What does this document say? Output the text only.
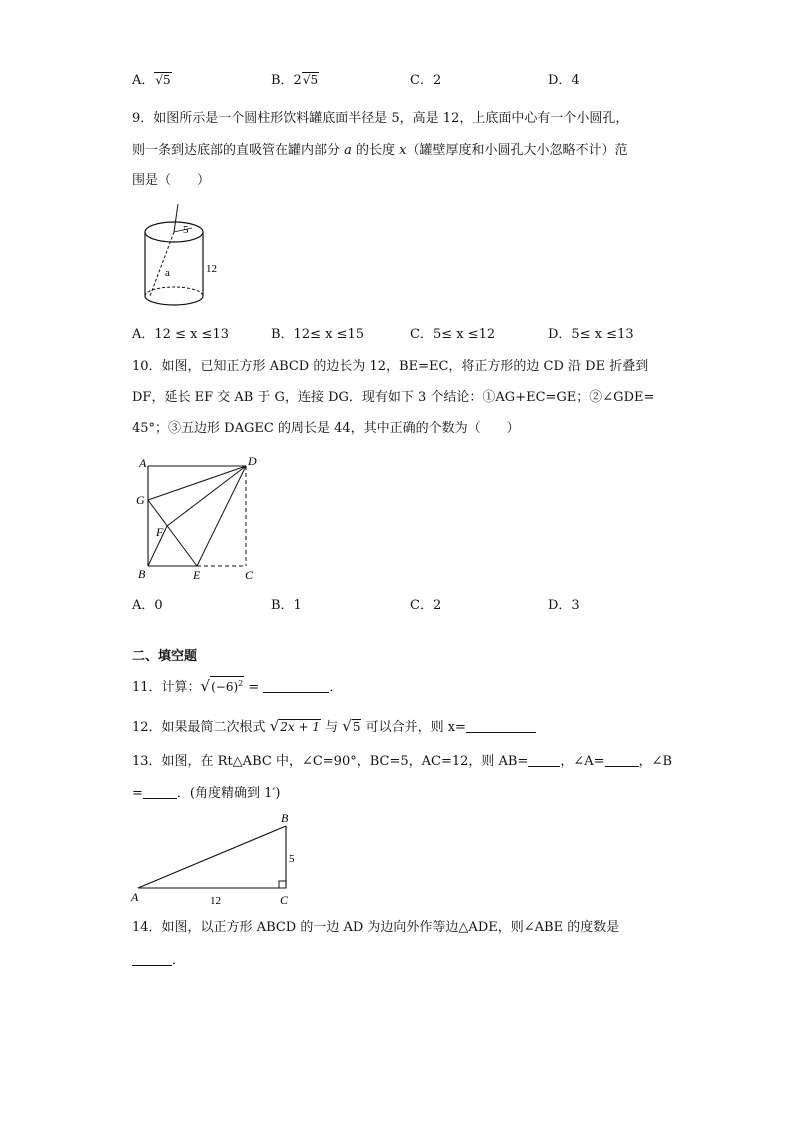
A．√5	B．2√5	C．2	D．4
9．如图所示是一个圆柱形饮料罐底面半径是 5，高是 12，上底面中心有一个小圆孔，
则一条到达底部的直吸管在罐内部分 a 的长度 x（罐壁厚度和小圆孔大小忽略不计）范
围是（　　）
5
12
a
A．12 ≤ x ≤13	B．12≤ x ≤15	C．5≤ x ≤12	D．5≤ x ≤13
10．如图，已知正方形 ABCD 的边长为 12，BE=EC，将正方形的边 CD 沿 DE 折叠到
DF，延长 EF 交 AB 于 G，连接 DG．现有如下 3 个结论：①AG+EC=GE；②∠GDE=
45°；③五边形 DAGEC 的周长是 44，其中正确的个数为（　　）
A	D
G
F
B	E	C
A．0	B．1	C．2	D．3
二、填空题
11．计算：$√(-6)^2$ =	．
12．如果最简二次根式 √2x + 1 与 √5 可以合并，则 x=
13．如图，在 Rt△ABC 中，∠C=90°，BC=5，AC=12，则 AB= ，∠A=	，∠B
=	．(角度精确到 1′)
B
A	C
5
12
14．如图，以正方形 ABCD 的一边 AD 为边向外作等边△ADE，则∠ABE 的度数是
．
